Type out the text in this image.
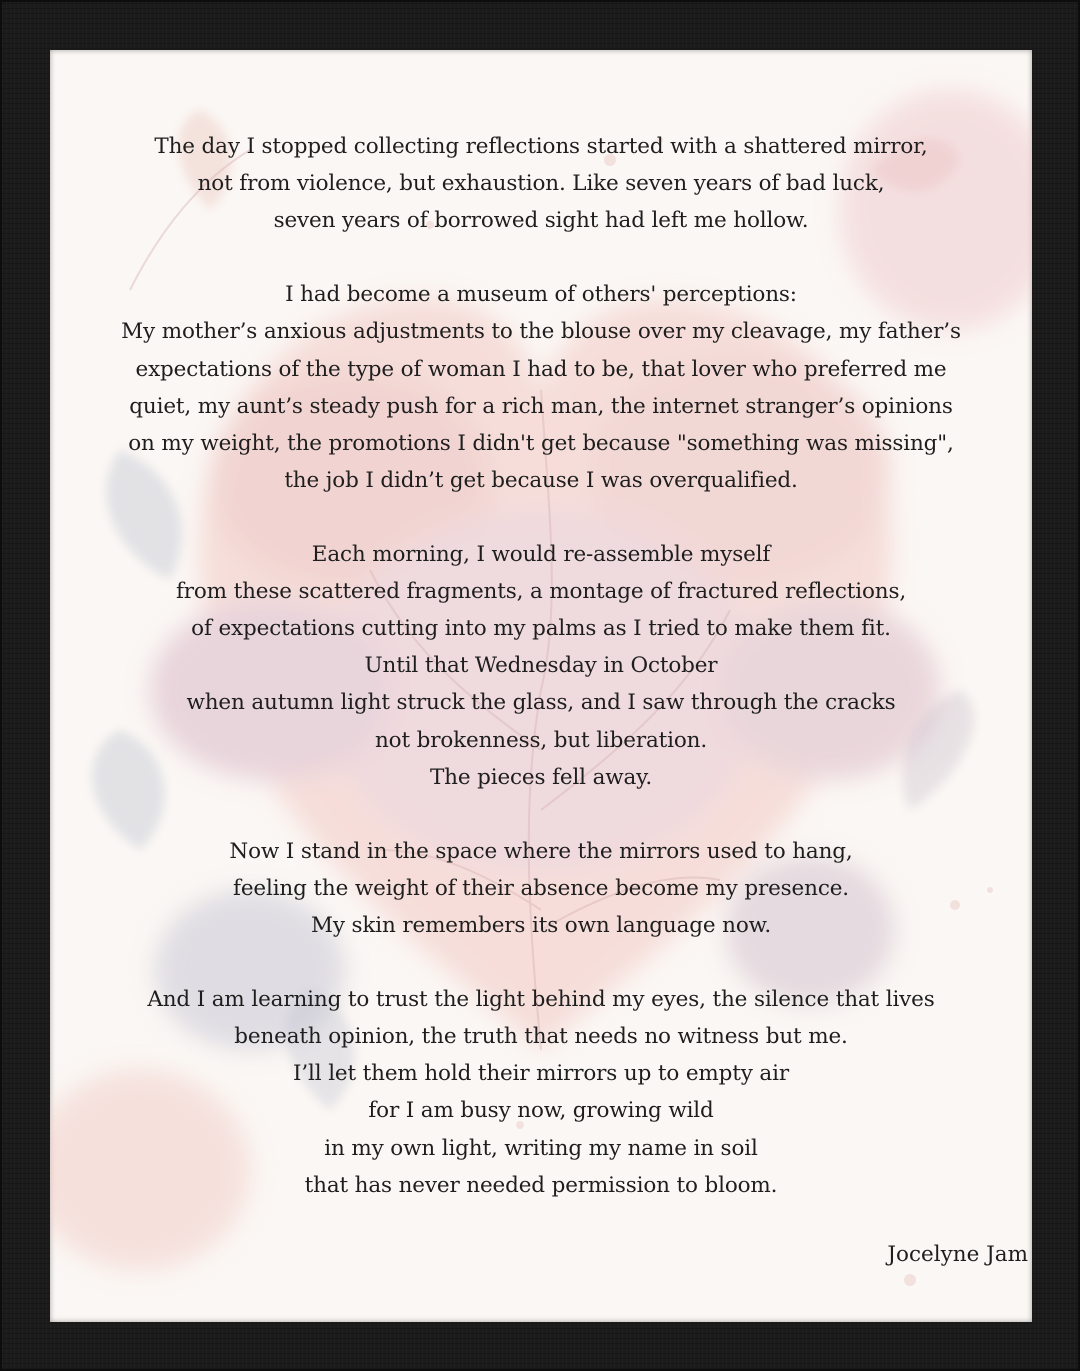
The day I stopped collecting reflections started with a shattered mirror,
not from violence, but exhaustion. Like seven years of bad luck,
seven years of borrowed sight had left me hollow.
I had become a museum of others' perceptions:
My mother’s anxious adjustments to the blouse over my cleavage, my father’s
expectations of the type of woman I had to be, that lover who preferred me
quiet, my aunt’s steady push for a rich man, the internet stranger’s opinions
on my weight, the promotions I didn't get because "something was missing",
the job I didn’t get because I was overqualified.
Each morning, I would re-assemble myself
from these scattered fragments, a montage of fractured reflections,
of expectations cutting into my palms as I tried to make them fit.
Until that Wednesday in October
when autumn light struck the glass, and I saw through the cracks
not brokenness, but liberation.
The pieces fell away.
Now I stand in the space where the mirrors used to hang,
feeling the weight of their absence become my presence.
My skin remembers its own language now.
And I am learning to trust the light behind my eyes, the silence that lives
beneath opinion, the truth that needs no witness but me.
I’ll let them hold their mirrors up to empty air
for I am busy now, growing wild
in my own light, writing my name in soil
that has never needed permission to bloom.
Jocelyne Jam
